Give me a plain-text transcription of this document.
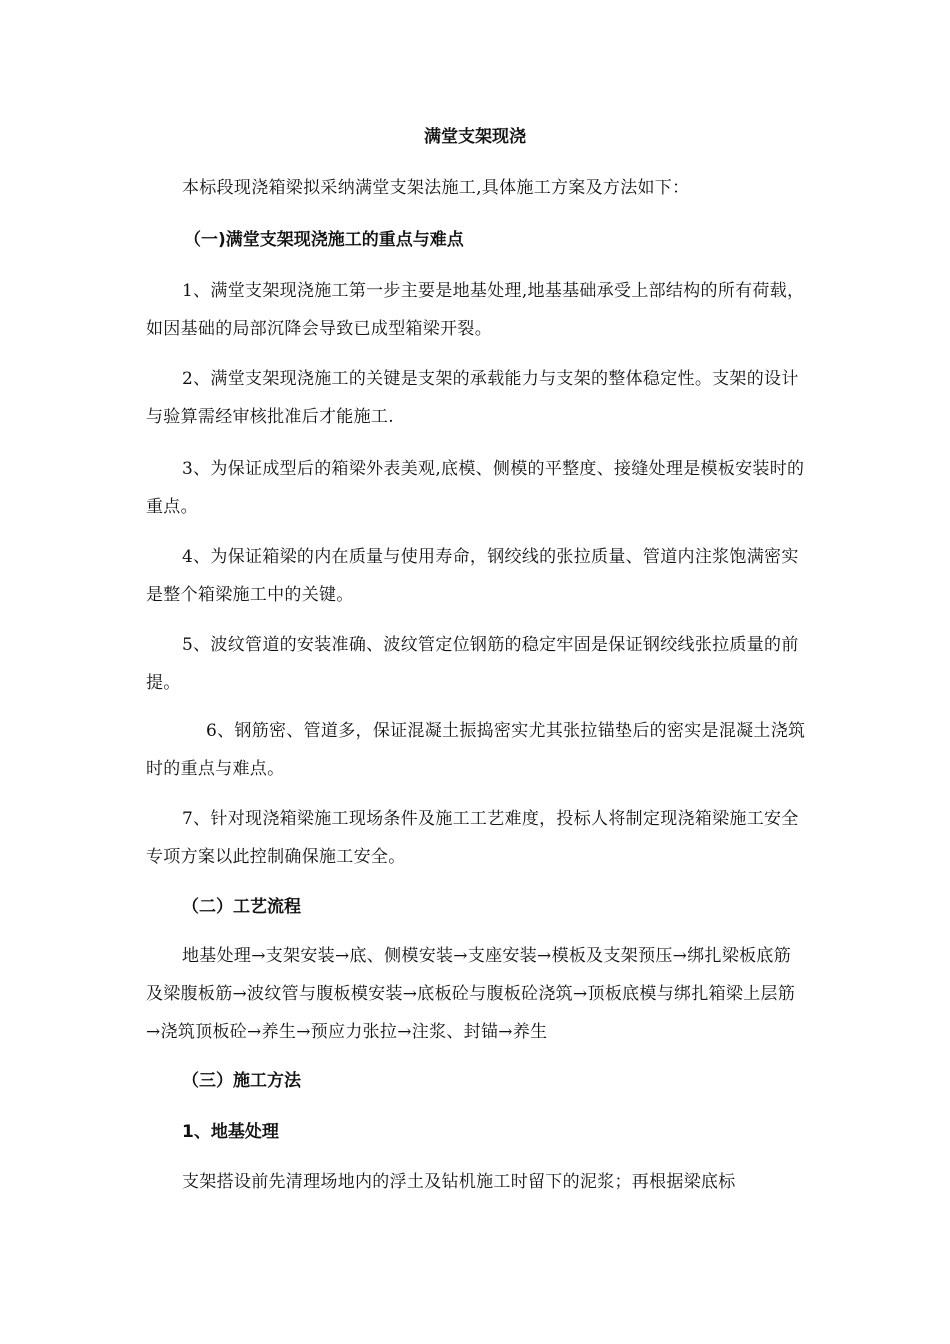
满堂支架现浇
本标段现浇箱梁拟采纳满堂支架法施工,具体施工方案及方法如下：
（一)满堂支架现浇施工的重点与难点
1、满堂支架现浇施工第一步主要是地基处理,地基基础承受上部结构的所有荷载，如因基础的局部沉降会导致已成型箱梁开裂。
2、满堂支架现浇施工的关键是支架的承载能力与支架的整体稳定性。支架的设计与验算需经审核批准后才能施工.
3、为保证成型后的箱梁外表美观,底模、侧模的平整度、接缝处理是模板安装时的重点。
4、为保证箱梁的内在质量与使用寿命，钢绞线的张拉质量、管道内注浆饱满密实是整个箱梁施工中的关键。
5、波纹管道的安装准确、波纹管定位钢筋的稳定牢固是保证钢绞线张拉质量的前提。
6、钢筋密、管道多，保证混凝土振捣密实尤其张拉锚垫后的密实是混凝土浇筑时的重点与难点。
7、针对现浇箱梁施工现场条件及施工工艺难度，投标人将制定现浇箱梁施工安全专项方案以此控制确保施工安全。
（二）工艺流程
地基处理→支架安装→底、侧模安装→支座安装→模板及支架预压→绑扎梁板底筋及梁腹板筋→波纹管与腹板模安装→底板砼与腹板砼浇筑→顶板底模与绑扎箱梁上层筋→浇筑顶板砼→养生→预应力张拉→注浆、封锚→养生
（三）施工方法
1、地基处理
支架搭设前先清理场地内的浮土及钻机施工时留下的泥浆；再根据梁底标
